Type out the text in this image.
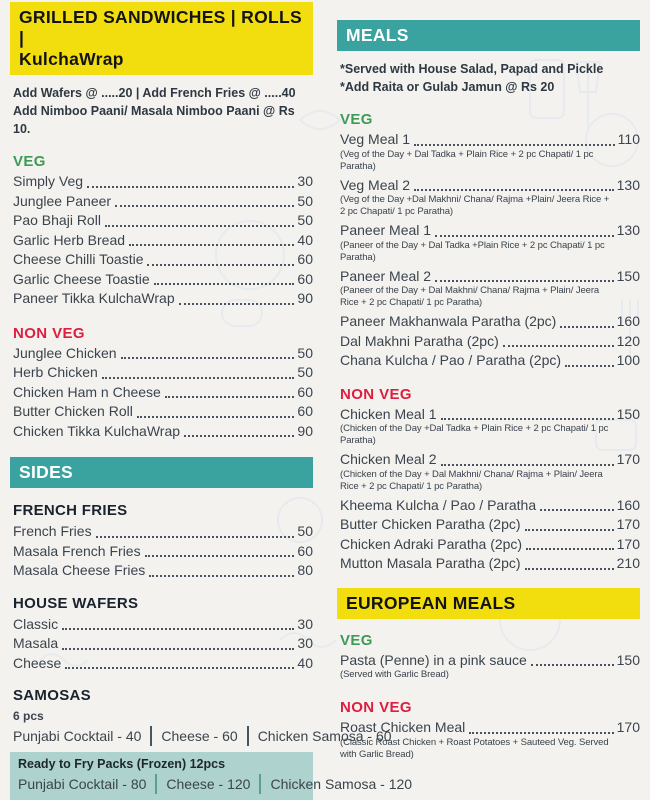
GRILLED SANDWICHES | ROLLS |
KulchaWrap
Add Wafers @ .....20 | Add French Fries @ .....40
Add Nimboo Paani/ Masala Nimboo Paani @ Rs 10.
VEG
Simply Veg	30
Junglee Paneer	50
Pao Bhaji Roll	50
Garlic Herb Bread	40
Cheese Chilli Toastie	60
Garlic Cheese Toastie	60
Paneer Tikka KulchaWrap	90
NON VEG
Junglee Chicken	50
Herb Chicken	50
Chicken Ham n Cheese	60
Butter Chicken Roll	60
Chicken Tikka KulchaWrap	90
SIDES
FRENCH FRIES
French Fries	50
Masala French Fries	60
Masala Cheese Fries	80
HOUSE WAFERS
Classic	30
Masala	30
Cheese	40
SAMOSAS
6 pcs
Punjabi Cocktail - 40	Cheese - 60	Chicken Samosa - 60
Ready to Fry Packs (Frozen) 12pcs
Punjabi Cocktail - 80	Cheese - 120	Chicken Samosa - 120
MEALS
*Served with House Salad, Papad and Pickle
*Add Raita or Gulab Jamun @ Rs 20
VEG
Veg Meal 1	110
(Veg of the Day + Dal Tadka + Plain Rice + 2 pc Chapati/ 1 pc Paratha)
Veg Meal 2	130
(Veg of the Day +Dal Makhni/ Chana/ Rajma +Plain/ Jeera Rice + 2 pc Chapati/ 1 pc Paratha)
Paneer Meal 1	130
(Paneer of the Day + Dal Tadka +Plain Rice + 2 pc Chapati/ 1 pc Paratha)
Paneer Meal 2	150
(Paneer of the Day + Dal Makhni/ Chana/ Rajma + Plain/ Jeera Rice + 2 pc Chapati/ 1 pc Paratha)
Paneer Makhanwala Paratha (2pc)	160
Dal Makhni Paratha (2pc)	120
Chana Kulcha / Pao / Paratha (2pc)	100
NON VEG
Chicken Meal 1	150
(Chicken of the Day +Dal Tadka + Plain Rice + 2 pc Chapati/ 1 pc Paratha)
Chicken Meal 2	170
(Chicken of the Day + Dal Makhni/ Chana/ Rajma + Plain/ Jeera Rice + 2 pc Chapati/ 1 pc Paratha)
Kheema Kulcha / Pao / Paratha	160
Butter Chicken Paratha (2pc)	170
Chicken Adraki Paratha (2pc)	170
Mutton Masala Paratha (2pc)	210
EUROPEAN MEALS
VEG
Pasta (Penne) in a pink sauce	150
(Served with Garlic Bread)
NON VEG
Roast Chicken Meal	170
(Classic Roast Chicken + Roast Potatoes + Sauteed Veg. Served with Garlic Bread)
